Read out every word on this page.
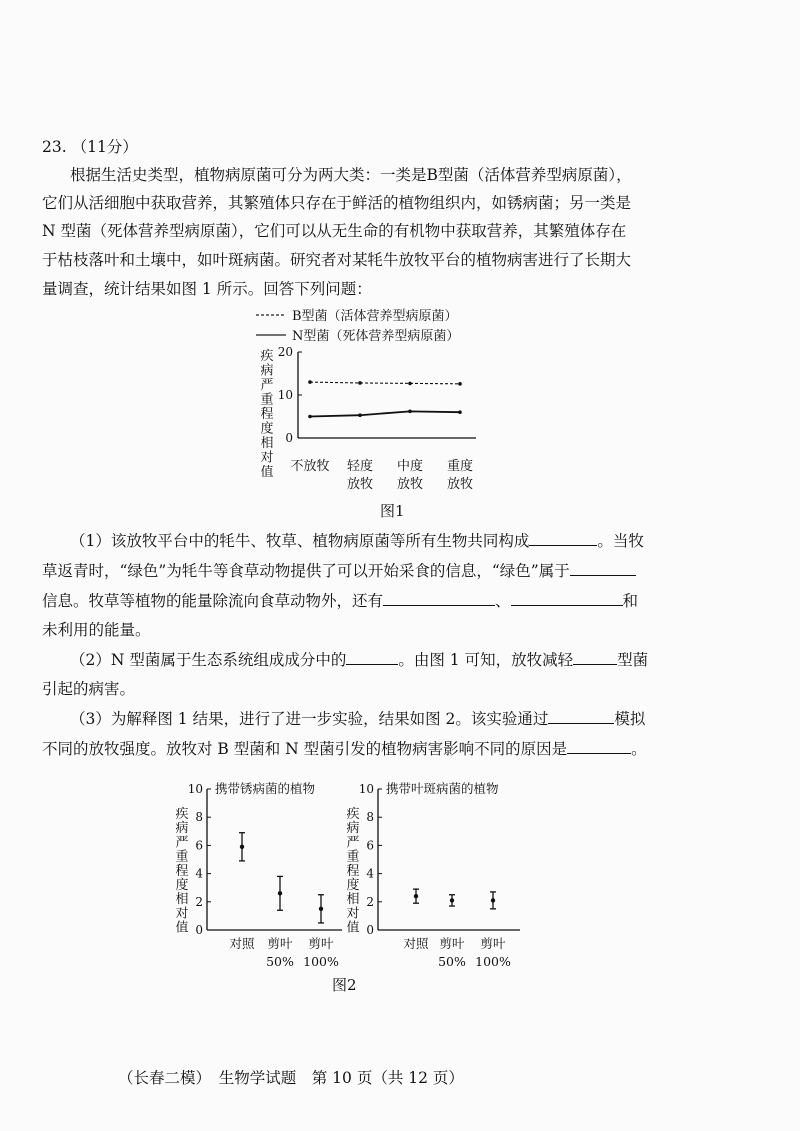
23. （11分）
根据生活史类型，植物病原菌可分为两大类：一类是B型菌（活体营养型病原菌），
它们从活细胞中获取营养，其繁殖体只存在于鲜活的植物组织内，如锈病菌；另一类是
N 型菌（死体营养型病原菌），它们可以从无生命的有机物中获取营养，其繁殖体存在
于枯枝落叶和土壤中，如叶斑病菌。研究者对某牦牛放牧平台的植物病害进行了长期大
量调查，统计结果如图 1 所示。回答下列问题：
B型菌（活体营养型病原菌）
N型菌（死体营养型病原菌）
0
10
20
疾
病
严
重
程
度
相
对
值 不放牧 轻度
放牧
中度
放牧
重度
放牧
图1
（1）该放牧平台中的牦牛、牧草、植物病原菌等所有生物共同构成	。当牧
草返青时，“绿色”为牦牛等食草动物提供了可以开始采食的信息，“绿色”属于
信息。牧草等植物的能量除流向食草动物外，还有	、	和
未利用的能量。
（2）N 型菌属于生态系统组成成分中的	。由图 1 可知，放牧减轻	型菌
引起的病害。
（3）为解释图 1 结果，进行了进一步实验，结果如图 2。该实验通过	模拟
不同的放牧强度。放牧对 B 型菌和 N 型菌引发的植物病害影响不同的原因是	。
0
2
4
6
8
10 携带锈病菌的植物
疾
病
严
重
程
度
相
对
值
对照 剪叶
50%
剪叶
100%
0
2
4
6
8
10 携带叶斑病菌的植物
疾
病
严
重
程
度
相
对
值
对照 剪叶
50%
剪叶
100%
图2
（长春二模）　生物学试题　第 10 页（共 12 页）
